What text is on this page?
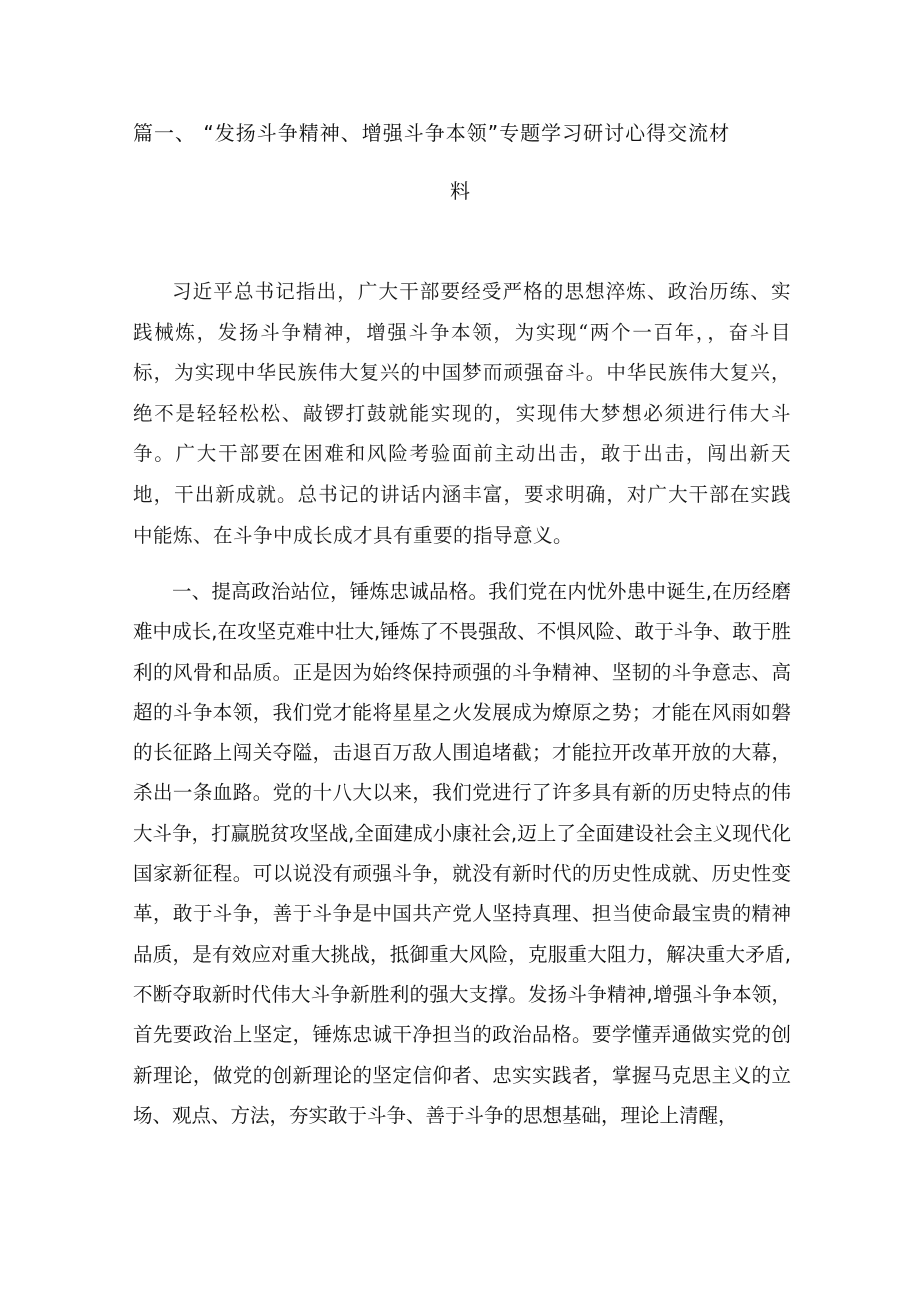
篇一、 “发扬斗争精神、增强斗争本领”专题学习研讨心得交流材
料

习近平总书记指出，广大干部要经受严格的思想淬炼、政治历练、实践械炼，发扬斗争精神，增强斗争本领，为实现“两个一百年，，奋斗目标，为实现中华民族伟大复兴的中国梦而顽强奋斗。中华民族伟大复兴，绝不是轻轻松松、敲锣打鼓就能实现的，实现伟大梦想必须进行伟大斗争。广大干部要在困难和风险考验面前主动出击，敢于出击，闯出新天地，干出新成就。总书记的讲话内涵丰富，要求明确，对广大干部在实践中能炼、在斗争中成长成才具有重要的指导意义。

一、提高政治站位，锤炼忠诚品格。我们党在内忧外患中诞生,在历经磨难中成长,在攻坚克难中壮大,锤炼了不畏强敌、不惧风险、敢于斗争、敢于胜利的风骨和品质。正是因为始终保持顽强的斗争精神、坚韧的斗争意志、高超的斗争本领，我们党才能将星星之火发展成为燎原之势；才能在风雨如磐的长征路上闯关夺隘，击退百万敌人围追堵截；才能拉开改革开放的大幕，杀出一条血路。党的十八大以来，我们党进行了许多具有新的历史特点的伟大斗争，打赢脱贫攻坚战,全面建成小康社会,迈上了全面建设社会主义现代化国家新征程。可以说没有顽强斗争，就没有新时代的历史性成就、历史性变革，敢于斗争，善于斗争是中国共产党人坚持真理、担当使命最宝贵的精神品质，是有效应对重大挑战，抵御重大风险，克服重大阻力，解决重大矛盾,不断夺取新时代伟大斗争新胜利的强大支撑。发扬斗争精神,增强斗争本领，首先要政治上坚定，锤炼忠诚干净担当的政治品格。要学懂弄通做实党的创新理论，做党的创新理论的坚定信仰者、忠实实践者，掌握马克思主义的立场、观点、方法，夯实敢于斗争、善于斗争的思想基础，理论上清醒，
